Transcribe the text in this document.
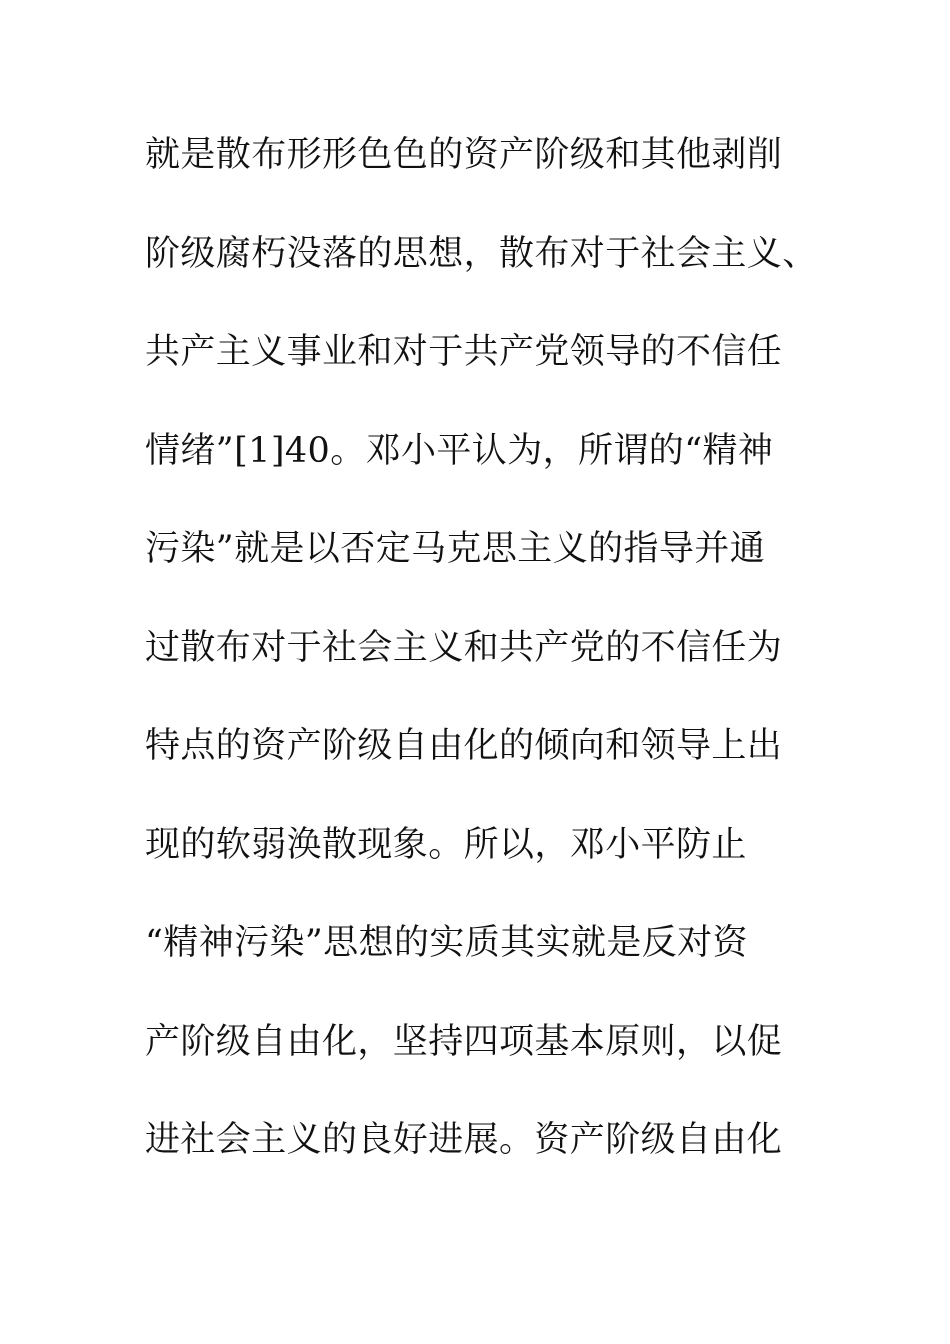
就是散布形形色色的资产阶级和其他剥削
阶级腐朽没落的思想，散布对于社会主义、
共产主义事业和对于共产党领导的不信任
情绪”[1]40。邓小平认为，所谓的“精神
污染”就是以否定马克思主义的指导并通
过散布对于社会主义和共产党的不信任为
特点的资产阶级自由化的倾向和领导上出
现的软弱涣散现象。所以，邓小平防止
“精神污染”思想的实质其实就是反对资
产阶级自由化，坚持四项基本原则，以促
进社会主义的良好进展。资产阶级自由化
